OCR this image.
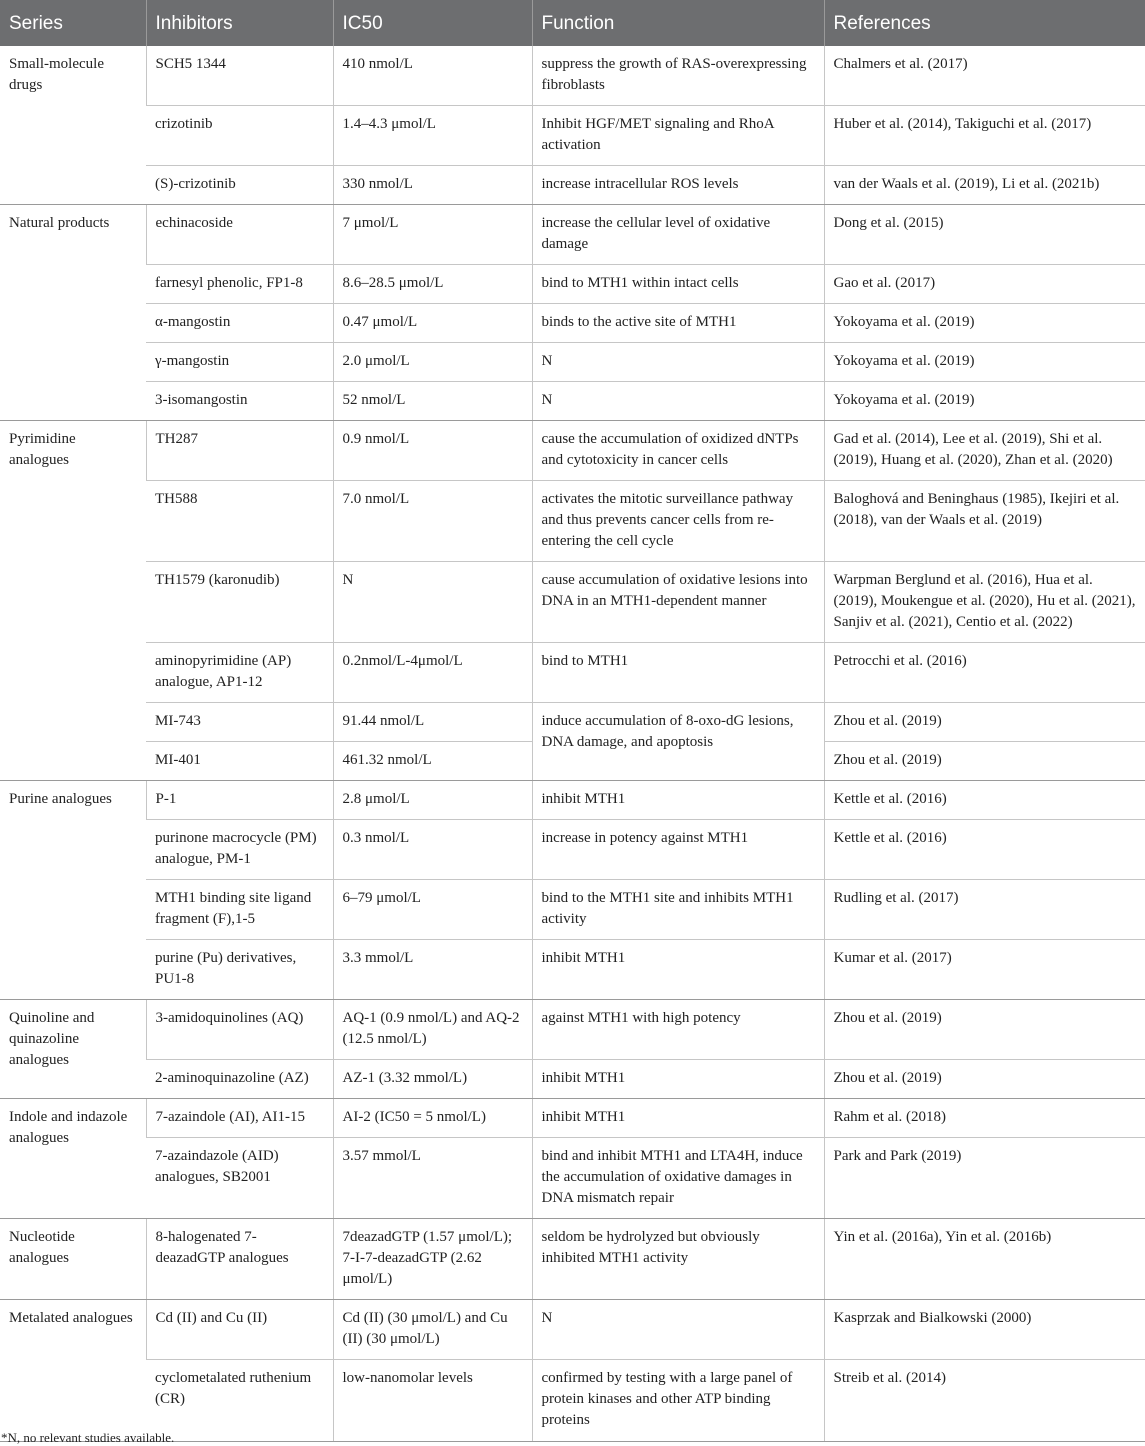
Series	Inhibitors	IC50	Function	References
Small-molecule drugs	SCH5 1344	410 nmol/L	suppress the growth of RAS-overexpressing fibroblasts	Chalmers et al. (2017)
	crizotinib	1.4–4.3 μmol/L	Inhibit HGF/MET signaling and RhoA activation	Huber et al. (2014), Takiguchi et al. (2017)
	(S)-crizotinib	330 nmol/L	increase intracellular ROS levels	van der Waals et al. (2019), Li et al. (2021b)
Natural products	echinacoside	7 μmol/L	increase the cellular level of oxidative damage	Dong et al. (2015)
	farnesyl phenolic, FP1-8	8.6–28.5 μmol/L	bind to MTH1 within intact cells	Gao et al. (2017)
	α-mangostin	0.47 μmol/L	binds to the active site of MTH1	Yokoyama et al. (2019)
	γ-mangostin	2.0 μmol/L	N	Yokoyama et al. (2019)
	3-isomangostin	52 nmol/L	N	Yokoyama et al. (2019)
Pyrimidine analogues	TH287	0.9 nmol/L	cause the accumulation of oxidized dNTPs and cytotoxicity in cancer cells	Gad et al. (2014), Lee et al. (2019), Shi et al. (2019), Huang et al. (2020), Zhan et al. (2020)
	TH588	7.0 nmol/L	activates the mitotic surveillance pathway and thus prevents cancer cells from re-entering the cell cycle	Baloghová and Beninghaus (1985), Ikejiri et al. (2018), van der Waals et al. (2019)
	TH1579 (karonudib)	N	cause accumulation of oxidative lesions into DNA in an MTH1-dependent manner	Warpman Berglund et al. (2016), Hua et al. (2019), Moukengue et al. (2020), Hu et al. (2021), Sanjiv et al. (2021), Centio et al. (2022)
	aminopyrimidine (AP) analogue, AP1-12	0.2nmol/L-4μmol/L	bind to MTH1	Petrocchi et al. (2016)
	MI-743	91.44 nmol/L	induce accumulation of 8-oxo-dG lesions, DNA damage, and apoptosis	Zhou et al. (2019)
	MI-401	461.32 nmol/L		Zhou et al. (2019)
Purine analogues	P-1	2.8 μmol/L	inhibit MTH1	Kettle et al. (2016)
	purinone macrocycle (PM) analogue, PM-1	0.3 nmol/L	increase in potency against MTH1	Kettle et al. (2016)
	MTH1 binding site ligand fragment (F),1-5	6–79 μmol/L	bind to the MTH1 site and inhibits MTH1 activity	Rudling et al. (2017)
	purine (Pu) derivatives, PU1-8	3.3 mmol/L	inhibit MTH1	Kumar et al. (2017)
Quinoline and quinazoline analogues	3-amidoquinolines (AQ)	AQ-1 (0.9 nmol/L) and AQ-2 (12.5 nmol/L)	against MTH1 with high potency	Zhou et al. (2019)
	2-aminoquinazoline (AZ)	AZ-1 (3.32 mmol/L)	inhibit MTH1	Zhou et al. (2019)
Indole and indazole analogues	7-azaindole (AI), AI1-15	AI-2 (IC50 = 5 nmol/L)	inhibit MTH1	Rahm et al. (2018)
	7-azaindazole (AID) analogues, SB2001	3.57 mmol/L	bind and inhibit MTH1 and LTA4H, induce the accumulation of oxidative damages in DNA mismatch repair	Park and Park (2019)
Nucleotide analogues	8-halogenated 7-deazadGTP analogues	7deazadGTP (1.57 μmol/L); 7-I-7-deazadGTP (2.62 μmol/L)	seldom be hydrolyzed but obviously inhibited MTH1 activity	Yin et al. (2016a), Yin et al. (2016b)
Metalated analogues	Cd (II) and Cu (II)	Cd (II) (30 μmol/L) and Cu (II) (30 μmol/L)	N	Kasprzak and Bialkowski (2000)
	cyclometalated ruthenium (CR)	low-nanomolar levels	confirmed by testing with a large panel of protein kinases and other ATP binding proteins	Streib et al. (2014)
*N, no relevant studies available.
